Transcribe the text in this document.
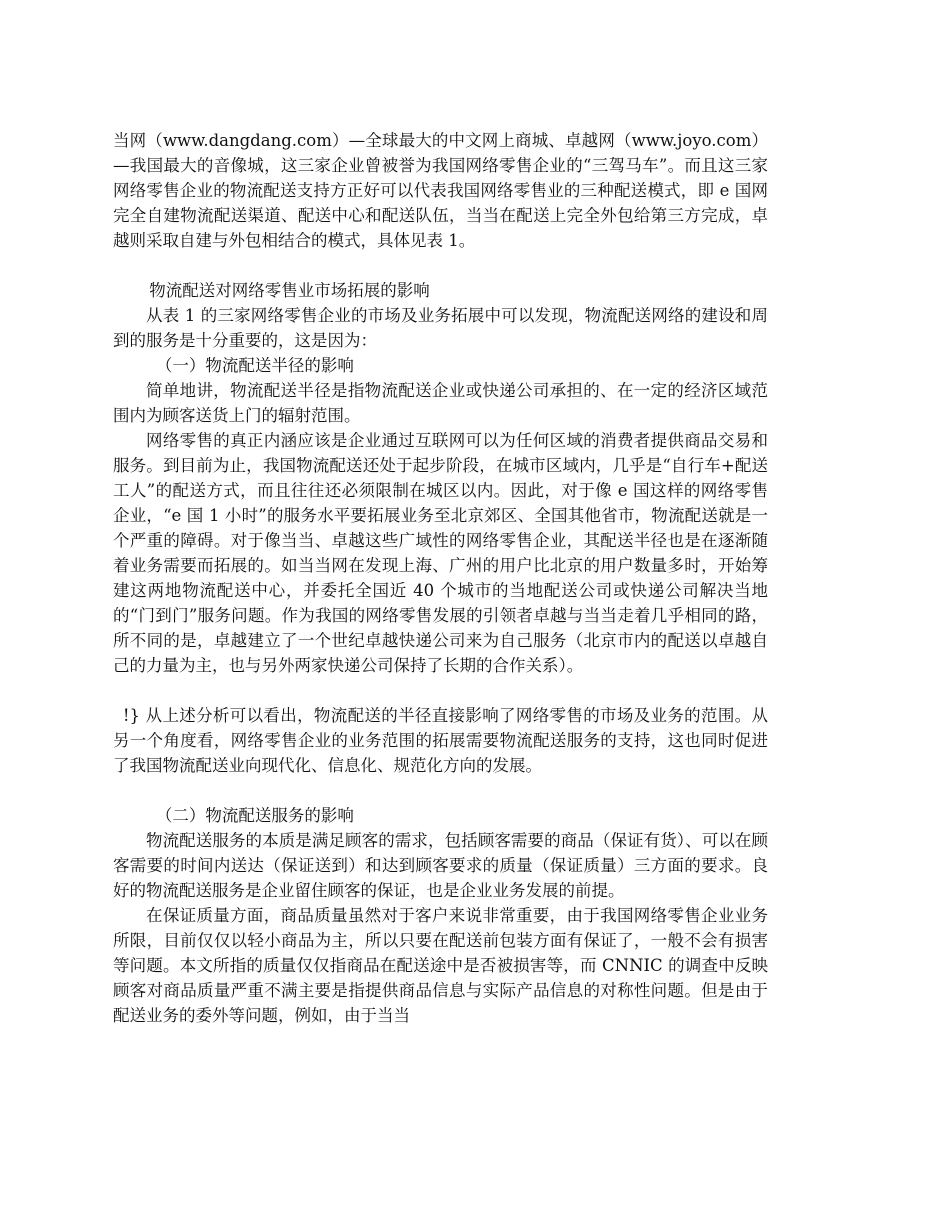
当网（www.dangdang.com）—全球最大的中文网上商城、卓越网（www.joyo.com）—我国最大的音像城，这三家企业曾被誉为我国网络零售企业的“三驾马车”。而且这三家网络零售企业的物流配送支持方正好可以代表我国网络零售业的三种配送模式，即 e 国网完全自建物流配送渠道、配送中心和配送队伍，当当在配送上完全外包给第三方完成，卓越则采取自建与外包相结合的模式，具体见表 1。

物流配送对网络零售业市场拓展的影响

从表 1 的三家网络零售企业的市场及业务拓展中可以发现，物流配送网络的建设和周到的服务是十分重要的，这是因为：

（一）物流配送半径的影响

简单地讲，物流配送半径是指物流配送企业或快递公司承担的、在一定的经济区域范围内为顾客送货上门的辐射范围。

网络零售的真正内涵应该是企业通过互联网可以为任何区域的消费者提供商品交易和服务。到目前为止，我国物流配送还处于起步阶段，在城市区域内，几乎是“自行车+配送工人”的配送方式，而且往往还必须限制在城区以内。因此，对于像 e 国这样的网络零售企业，“e 国 1 小时”的服务水平要拓展业务至北京郊区、全国其他省市，物流配送就是一个严重的障碍。对于像当当、卓越这些广域性的网络零售企业，其配送半径也是在逐渐随着业务需要而拓展的。如当当网在发现上海、广州的用户比北京的用户数量多时，开始筹建这两地物流配送中心，并委托全国近 40 个城市的当地配送公司或快递公司解决当地的“门到门”服务问题。作为我国的网络零售发展的引领者卓越与当当走着几乎相同的路，所不同的是，卓越建立了一个世纪卓越快递公司来为自己服务（北京市内的配送以卓越自己的力量为主，也与另外两家快递公司保持了长期的合作关系）。

!} 从上述分析可以看出，物流配送的半径直接影响了网络零售的市场及业务的范围。从另一个角度看，网络零售企业的业务范围的拓展需要物流配送服务的支持，这也同时促进了我国物流配送业向现代化、信息化、规范化方向的发展。

（二）物流配送服务的影响

物流配送服务的本质是满足顾客的需求，包括顾客需要的商品（保证有货）、可以在顾客需要的时间内送达（保证送到）和达到顾客要求的质量（保证质量）三方面的要求。良好的物流配送服务是企业留住顾客的保证，也是企业业务发展的前提。

在保证质量方面，商品质量虽然对于客户来说非常重要，由于我国网络零售企业业务所限，目前仅仅以轻小商品为主，所以只要在配送前包装方面有保证了，一般不会有损害等问题。本文所指的质量仅仅指商品在配送途中是否被损害等，而 CNNIC 的调查中反映顾客对商品质量严重不满主要是指提供商品信息与实际产品信息的对称性问题。但是由于配送业务的委外等问题，例如，由于当当
